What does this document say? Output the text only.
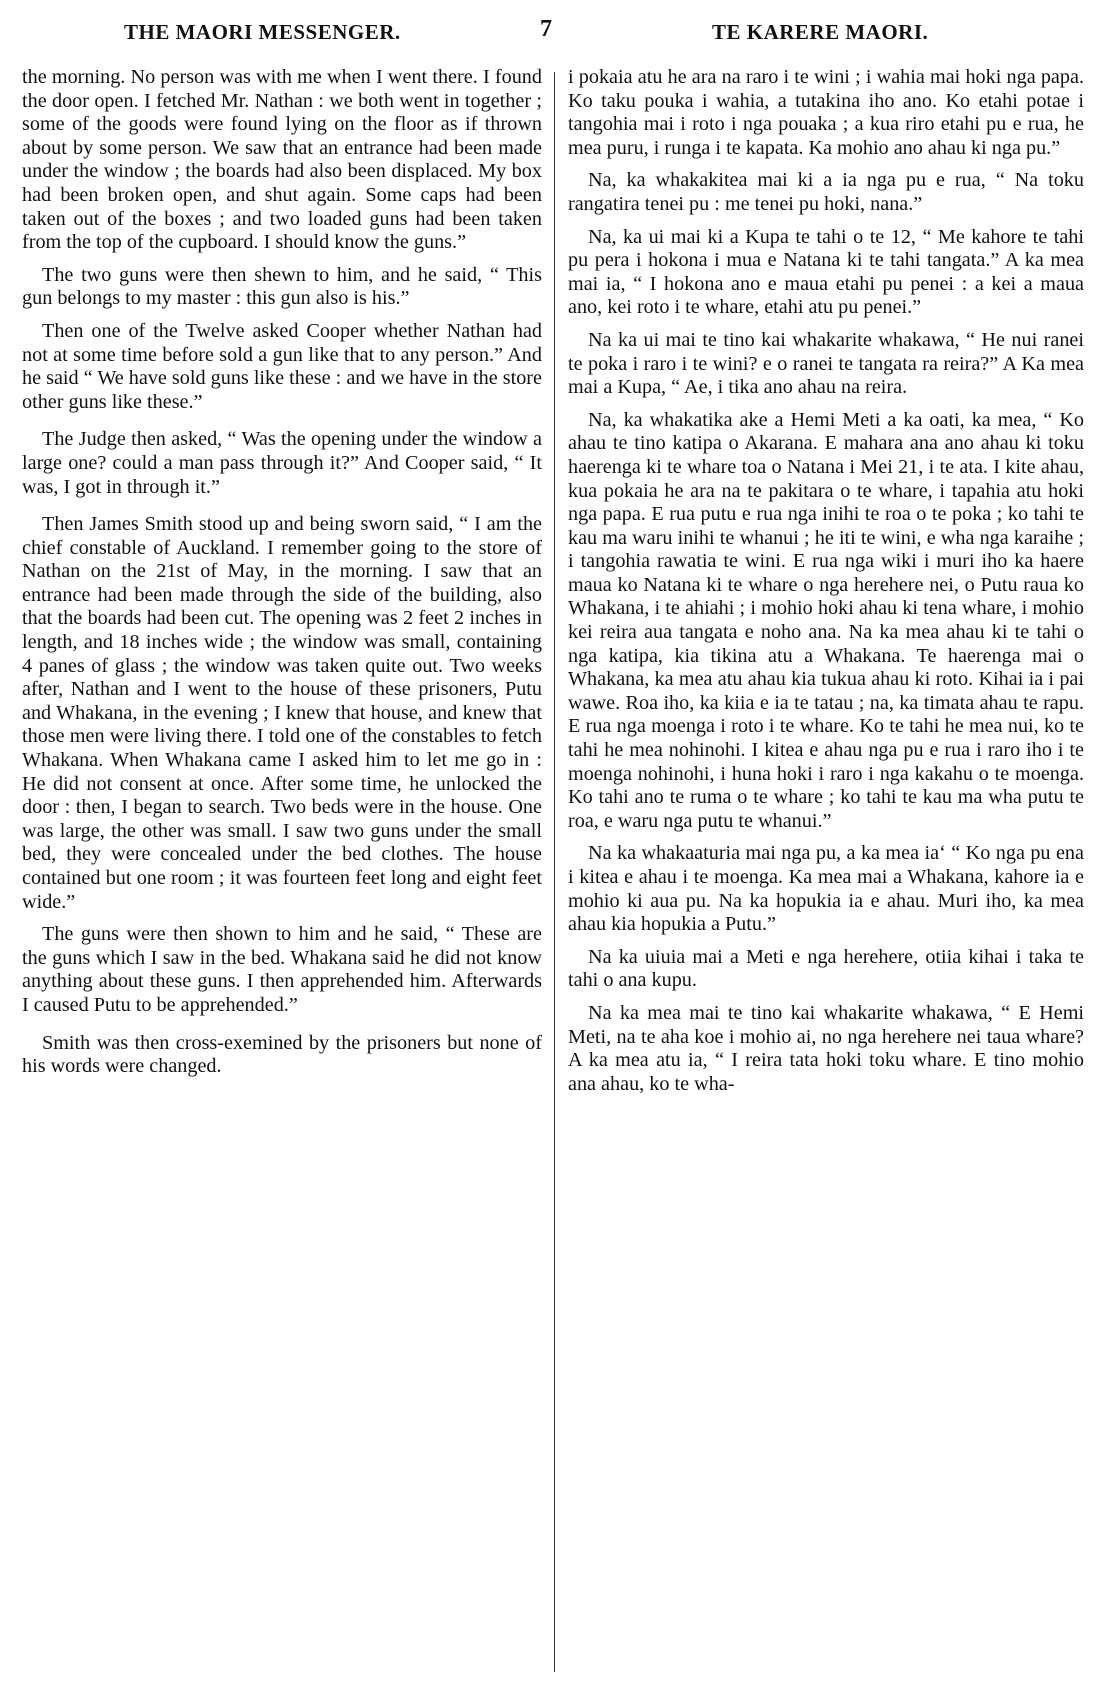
THE MAORI MESSENGER.	7	TE KARERE MAORI.

the morning. No person was with me when I went there. I found the door open. I fetched Mr. Nathan : we both went in together ; some of the goods were found lying on the floor as if thrown about by some person. We saw that an entrance had been made under the window ; the boards had also been displaced. My box had been broken open, and shut again. Some caps had been taken out of the boxes ; and two loaded guns had been taken from the top of the cupboard. I should know the guns.”

The two guns were then shewn to him, and he said, “ This gun belongs to my master : this gun also is his.”

Then one of the Twelve asked Cooper whether Nathan had not at some time before sold a gun like that to any person.” And he said “ We have sold guns like these : and we have in the store other guns like these.”

The Judge then asked, “ Was the opening under the window a large one? could a man pass through it?” And Cooper said, “ It was, I got in through it.”

Then James Smith stood up and being sworn said, “ I am the chief constable of Auckland. I remember going to the store of Nathan on the 21st of May, in the morning. I saw that an entrance had been made through the side of the building, also that the boards had been cut. The opening was 2 feet 2 inches in length, and 18 inches wide ; the window was small, containing 4 panes of glass ; the window was taken quite out. Two weeks after, Nathan and I went to the house of these prisoners, Putu and Whakana, in the evening ; I knew that house, and knew that those men were living there. I told one of the constables to fetch Whakana. When Whakana came I asked him to let me go in : He did not consent at once. After some time, he unlocked the door : then, I began to search. Two beds were in the house. One was large, the other was small. I saw two guns under the small bed, they were concealed under the bed clothes. The house contained but one room ; it was fourteen feet long and eight feet wide.”

The guns were then shown to him and he said, “ These are the guns which I saw in the bed. Whakana said he did not know anything about these guns. I then apprehended him. Afterwards I caused Putu to be apprehended.”

Smith was then cross-exemined by the prisoners but none of his words were changed.

i pokaia atu he ara na raro i te wini ; i wahia mai hoki nga papa. Ko taku pouka i wahia, a tutakina iho ano. Ko etahi potae i tangohia mai i roto i nga pouaka ; a kua riro etahi pu e rua, he mea puru, i runga i te kapata. Ka mohio ano ahau ki nga pu.”

Na, ka whakakitea mai ki a ia nga pu e rua, “ Na toku rangatira tenei pu : me tenei pu hoki, nana.”

Na, ka ui mai ki a Kupa te tahi o te 12, “ Me kahore te tahi pu pera i hokona i mua e Natana ki te tahi tangata.” A ka mea mai ia, “ I hokona ano e maua etahi pu penei : a kei a maua ano, kei roto i te whare, etahi atu pu penei.”

Na ka ui mai te tino kai whakarite whakawa, “ He nui ranei te poka i raro i te wini? e o ranei te tangata ra reira?” A Ka mea mai a Kupa, “ Ae, i tika ano ahau na reira.

Na, ka whakatika ake a Hemi Meti a ka oati, ka mea, “ Ko ahau te tino katipa o Akarana. E mahara ana ano ahau ki toku haerenga ki te whare toa o Natana i Mei 21, i te ata. I kite ahau, kua pokaia he ara na te pakitara o te whare, i tapahia atu hoki nga papa. E rua putu e rua nga inihi te roa o te poka ; ko tahi te kau ma waru inihi te whanui ; he iti te wini, e wha nga karaihe ; i tangohia rawatia te wini. E rua nga wiki i muri iho ka haere maua ko Natana ki te whare o nga herehere nei, o Putu raua ko Whakana, i te ahiahi ; i mohio hoki ahau ki tena whare, i mohio kei reira aua tangata e noho ana. Na ka mea ahau ki te tahi o nga katipa, kia tikina atu a Whakana. Te haerenga mai o Whakana, ka mea atu ahau kia tukua ahau ki roto. Kihai ia i pai wawe. Roa iho, ka kiia e ia te tatau ; na, ka timata ahau te rapu. E rua nga moenga i roto i te whare. Ko te tahi he mea nui, ko te tahi he mea nohinohi. I kitea e ahau nga pu e rua i raro iho i te moenga nohinohi, i huna hoki i raro i nga kakahu o te moenga. Ko tahi ano te ruma o te whare ; ko tahi te kau ma wha putu te roa, e waru nga putu te whanui.”

Na ka whakaaturia mai nga pu, a ka mea ia‘ “ Ko nga pu ena i kitea e ahau i te moenga. Ka mea mai a Whakana, kahore ia e mohio ki aua pu. Na ka hopukia ia e ahau. Muri iho, ka mea ahau kia hopukia a Putu.”

Na ka uiuia mai a Meti e nga herehere, otiia kihai i taka te tahi o ana kupu.

Na ka mea mai te tino kai whakarite whakawa, “ E Hemi Meti, na te aha koe i mohio ai, no nga herehere nei taua whare? A ka mea atu ia, “ I reira tata hoki toku whare. E tino mohio ana ahau, ko te wha-
